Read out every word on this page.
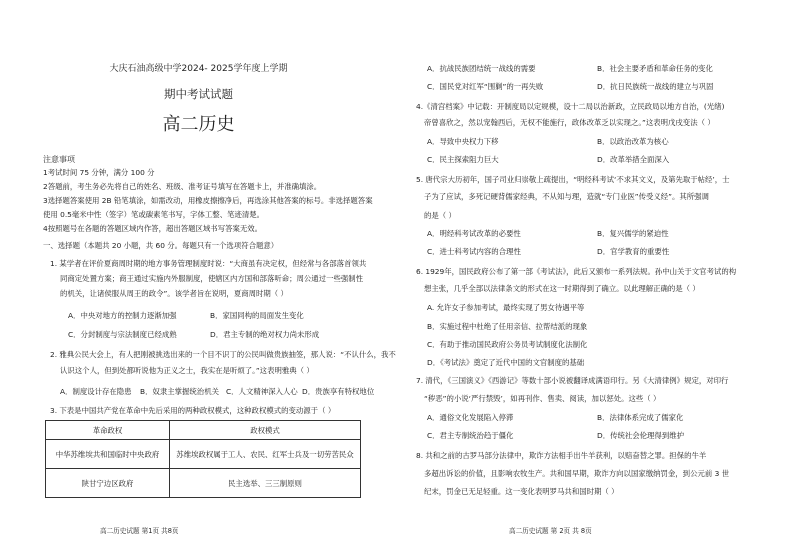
大庆石油高级中学2024- 2025学年度上学期
期中考试试题
高二历史
注意事项
1考试时间 75 分钟，满分 100 分
2答题前，考生务必先将自己的姓名、班级、准考证号填写在答题卡上，并准确填涂。
3选择题答案使用 2B 铅笔填涂，如需改动，用橡皮擦擦净后，再选涂其他答案的标号。非选择题答案
使用 0.5毫米中性（签字）笔或碳素笔书写，字体工整、笔迹清楚。
4按照题号在各题的答题区域内作答，超出答题区域书写答案无效。
一、选择题（本题共 20 小题，共 60 分。每题只有一个选项符合题意）
1. 某学者在评价夏商周时期的地方事务管理制度时说：“大商虽有决定权，但经常与各部落首领共
同商定处置方案；商王通过实施内外服制度，使辖区内方国和部落听命；周公通过一些强制性
的机关，让诸侯服从周王的政令”。该学者旨在说明，夏商周时期（ ）
A．中央对地方的控制力逐渐加强	B．家国同构的局面发生变化
C．分封制度与宗法制度已经成熟	D．君主专制的绝对权力尚未形成
2. 雅典公民大会上，有人把刚被挑选出来的一个目不识丁的公民叫做贵族抽签，那人说：“不认什么，我不
认识这个人，但到处都听说他为正义之士，我实在是听烦了。”这表明雅典（ ）
A．制度设计存在隐患 B．奴隶主掌握统治机关 C．人文精神深入人心 D．贵族享有特权地位
3. 下表是中国共产党在革命中先后采用的两种政权模式，这种政权模式的变动源于（ ）
革命政权	政权模式
中华苏维埃共和国临时中央政府	苏维埃政权属于工人、农民、红军士兵及一切劳苦民众
陕甘宁边区政府	民主选举、三三制原则
高二历史试题 第1页 共8页
A．抗战民族团结统一战线的需要	B．社会主要矛盾和革命任务的变化
C．国民党对红军“围剿”的一再失败	D．抗日民族统一战线的建立与巩固
4.《清宫档案》中记载：开制度局以定规模，设十二局以治新政，立民政局以地方自治，(光绪)
帝曾喜欣之，然以宠翰西后，无权不能施行，政体改革乏以实现之。”这表明戊戌变法（ ）
A．导致中央权力下移	B．以政治改革为核心
C．民主探索阻力巨大	D．改革举措全面深入
5. 唐代宗大历初年，国子司业归崇敬上疏提出，“明经科考试‘不求其文义，及第先取于帖经’，士
子为了应试，多死记硬背儒家经典，不从知与理，造就“专门业医”传受义经”。其所强调
的是（ ）
A．明经科考试改革的必要性	B．复兴儒学的紧迫性
C．进士科考试内容的合理性	D．官学教育的重要性
6. 1929年，国民政府公布了第一部《考试法》，此后又颁布一系列法规。孙中山关于文官考试的构
想主张，几乎全部以法律条文的形式在这一时期得到了确立。以此理解正确的是（ ）
A. 允许女子参加考试，最终实现了男女待遇平等
B．实施过程中杜绝了任用亲信、拉帮结派的现象
C．有助于推动国民政府公务员考试制度化法制化
D．《考试法》奠定了近代中国的文官制度的基础
7. 清代，《三国演义》《西游记》等数十部小说被翻译成满语印行。另《大清律例》规定，对印行
“秽恶”的小说‘严行禁毁’，如再刊作、售卖、阅读，加以惩处。这些（ ）
A．通俗文化发展陷入停滞	B．法律体系完成了儒家化
C．君主专制统治趋于僵化	D．传统社会伦理得到维护
8. 共和之前的古罗马部分法律中，欺诈方法相手出牛羊获利，以赔奋替之罪。担保的牛羊
多超出诉讼的价值，且影响农牧生产。共和国早期，欺诈方向以国家缴纳罚金，到公元前 3 世
纪末，罚金已无足轻重。这一变化表明罗马共和国时期（ ）
高二历史试题 第 2页 共 8页
